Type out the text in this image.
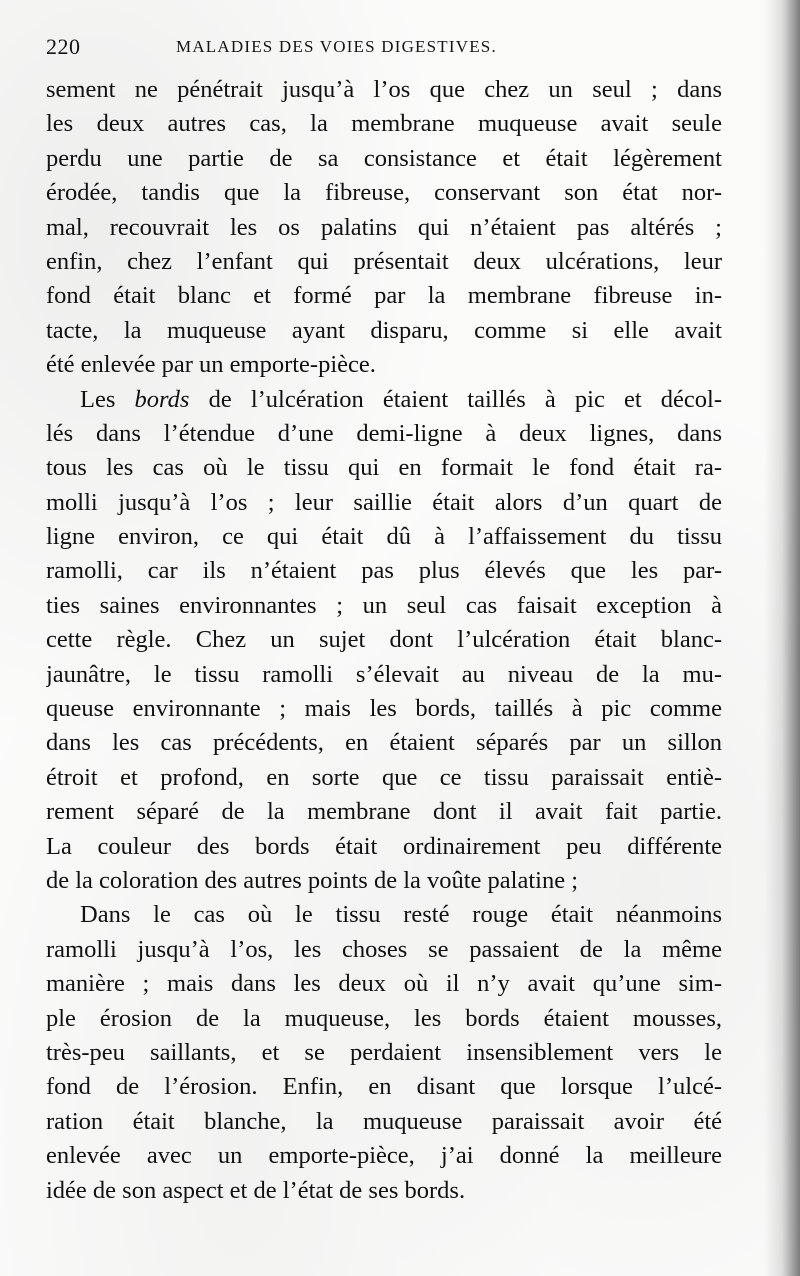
220	MALADIES DES VOIES DIGESTIVES.

sement ne pénétrait jusqu’à l’os que chez un seul ; dans
les deux autres cas, la membrane muqueuse avait seule
perdu une partie de sa consistance et était légèrement
érodée, tandis que la fibreuse, conservant son état nor-
mal, recouvrait les os palatins qui n’étaient pas altérés ;
enfin, chez l’enfant qui présentait deux ulcérations, leur
fond était blanc et formé par la membrane fibreuse in-
tacte, la muqueuse ayant disparu, comme si elle avait
été enlevée par un emporte-pièce.

Les bords de l’ulcération étaient taillés à pic et décol-
lés dans l’étendue d’une demi-ligne à deux lignes, dans
tous les cas où le tissu qui en formait le fond était ra-
molli jusqu’à l’os ; leur saillie était alors d’un quart de
ligne environ, ce qui était dû à l’affaissement du tissu
ramolli, car ils n’étaient pas plus élevés que les par-
ties saines environnantes ; un seul cas faisait exception à
cette règle. Chez un sujet dont l’ulcération était blanc-
jaunâtre, le tissu ramolli s’élevait au niveau de la mu-
queuse environnante ; mais les bords, taillés à pic comme
dans les cas précédents, en étaient séparés par un sillon
étroit et profond, en sorte que ce tissu paraissait entiè-
rement séparé de la membrane dont il avait fait partie.
La couleur des bords était ordinairement peu différente
de la coloration des autres points de la voûte palatine ;

Dans le cas où le tissu resté rouge était néanmoins
ramolli jusqu’à l’os, les choses se passaient de la même
manière ; mais dans les deux où il n’y avait qu’une sim-
ple érosion de la muqueuse, les bords étaient mousses,
très-peu saillants, et se perdaient insensiblement vers le
fond de l’érosion. Enfin, en disant que lorsque l’ulcé-
ration était blanche, la muqueuse paraissait avoir été
enlevée avec un emporte-pièce, j’ai donné la meilleure
idée de son aspect et de l’état de ses bords.
